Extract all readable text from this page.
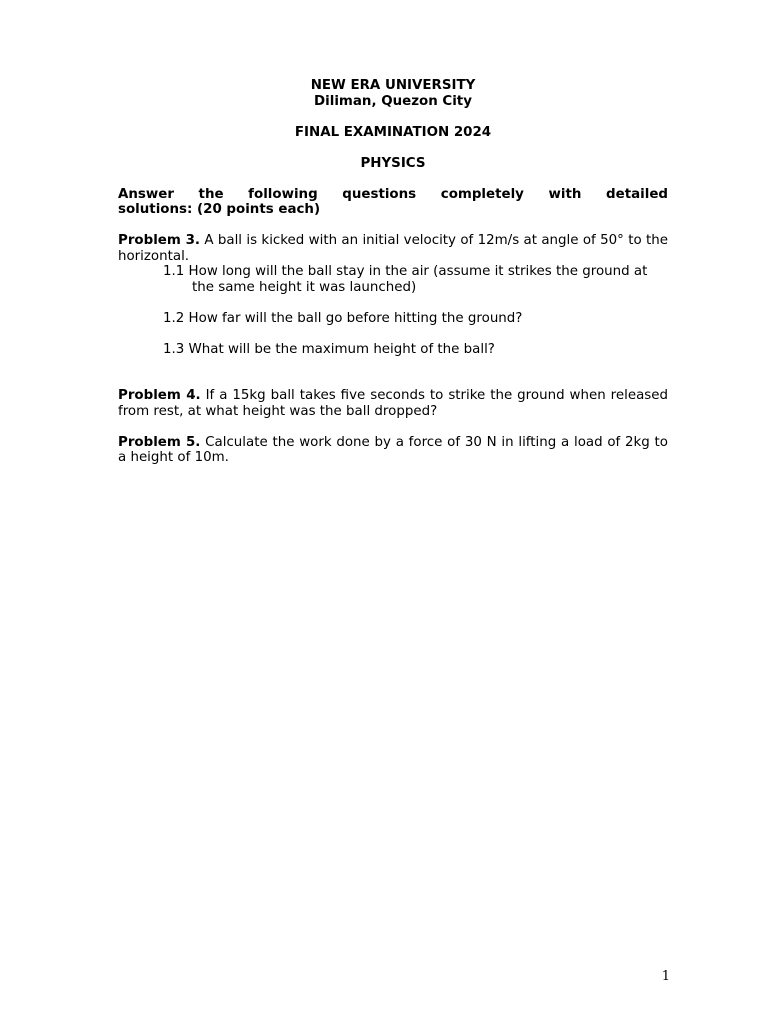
NEW ERA UNIVERSITY
Diliman, Quezon City
FINAL EXAMINATION 2024
PHYSICS
Answer the following questions completely with detailed
solutions: (20 points each)
Problem 3. A ball is kicked with an initial velocity of 12m/s at angle of 50° to the horizontal.
1.1 How long will the ball stay in the air (assume it strikes the ground at the same height it was launched)
1.2 How far will the ball go before hitting the ground?
1.3 What will be the maximum height of the ball?
Problem 4. If a 15kg ball takes five seconds to strike the ground when released from rest, at what height was the ball dropped?
Problem 5. Calculate the work done by a force of 30 N in lifting a load of 2kg to a height of 10m.
1
